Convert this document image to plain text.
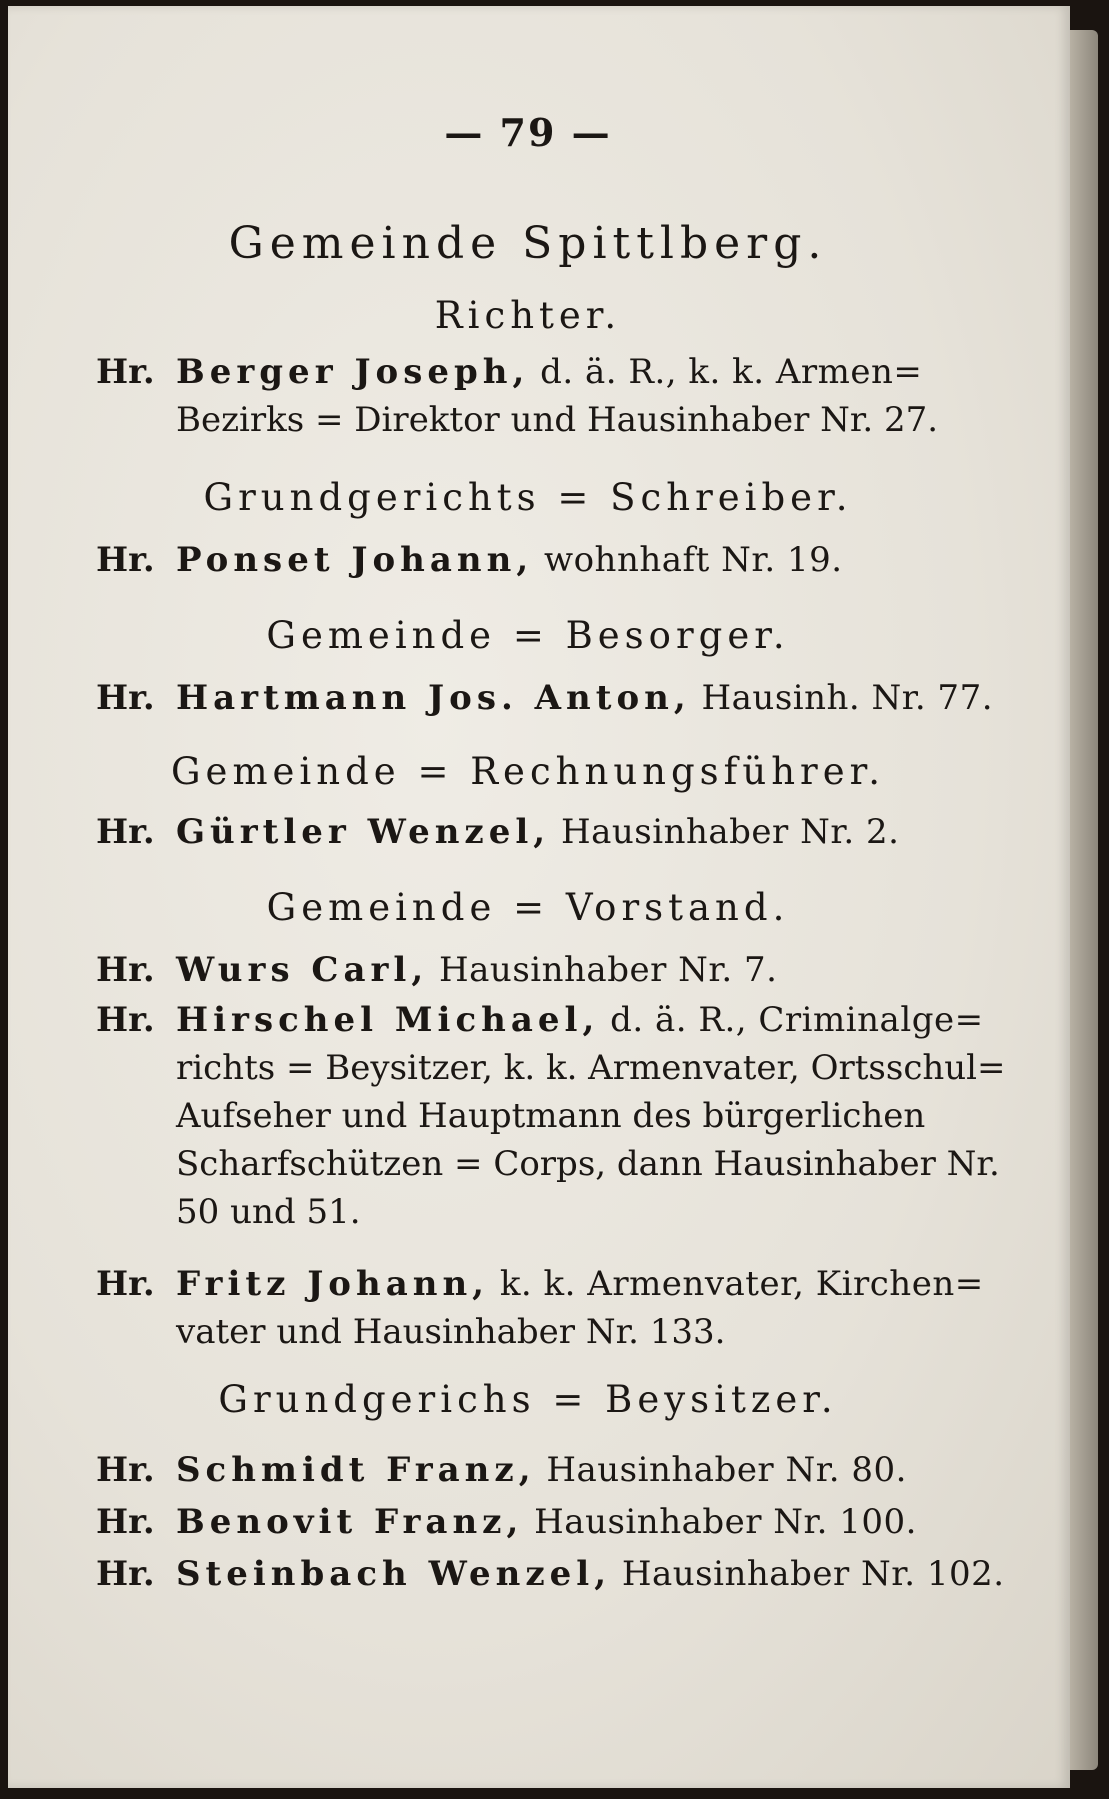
— 79 —
Gemeinde Spittlberg.
Richter.
Hr. Berger Joseph, d. ä. R., k. k. Armen=
Bezirks = Direktor und Hausinhaber Nr. 27.
Grundgerichts = Schreiber.
Hr. Ponset Johann, wohnhaft Nr. 19.
Gemeinde = Besorger.
Hr. Hartmann Jos. Anton, Hausinh. Nr. 77.
Gemeinde = Rechnungsführer.
Hr. Gürtler Wenzel, Hausinhaber Nr. 2.
Gemeinde = Vorstand.
Hr. Wurs Carl, Hausinhaber Nr. 7.
Hr. Hirschel Michael, d. ä. R., Criminalge=
richts = Beysitzer, k. k. Armenvater, Ortsschul=
Aufseher und Hauptmann des bürgerlichen
Scharfschützen = Corps, dann Hausinhaber Nr.
50 und 51.
Hr. Fritz Johann, k. k. Armenvater, Kirchen=
vater und Hausinhaber Nr. 133.
Grundgerichs = Beysitzer.
Hr. Schmidt Franz, Hausinhaber Nr. 80.
Hr. Benovit Franz, Hausinhaber Nr. 100.
Hr. Steinbach Wenzel, Hausinhaber Nr. 102.
